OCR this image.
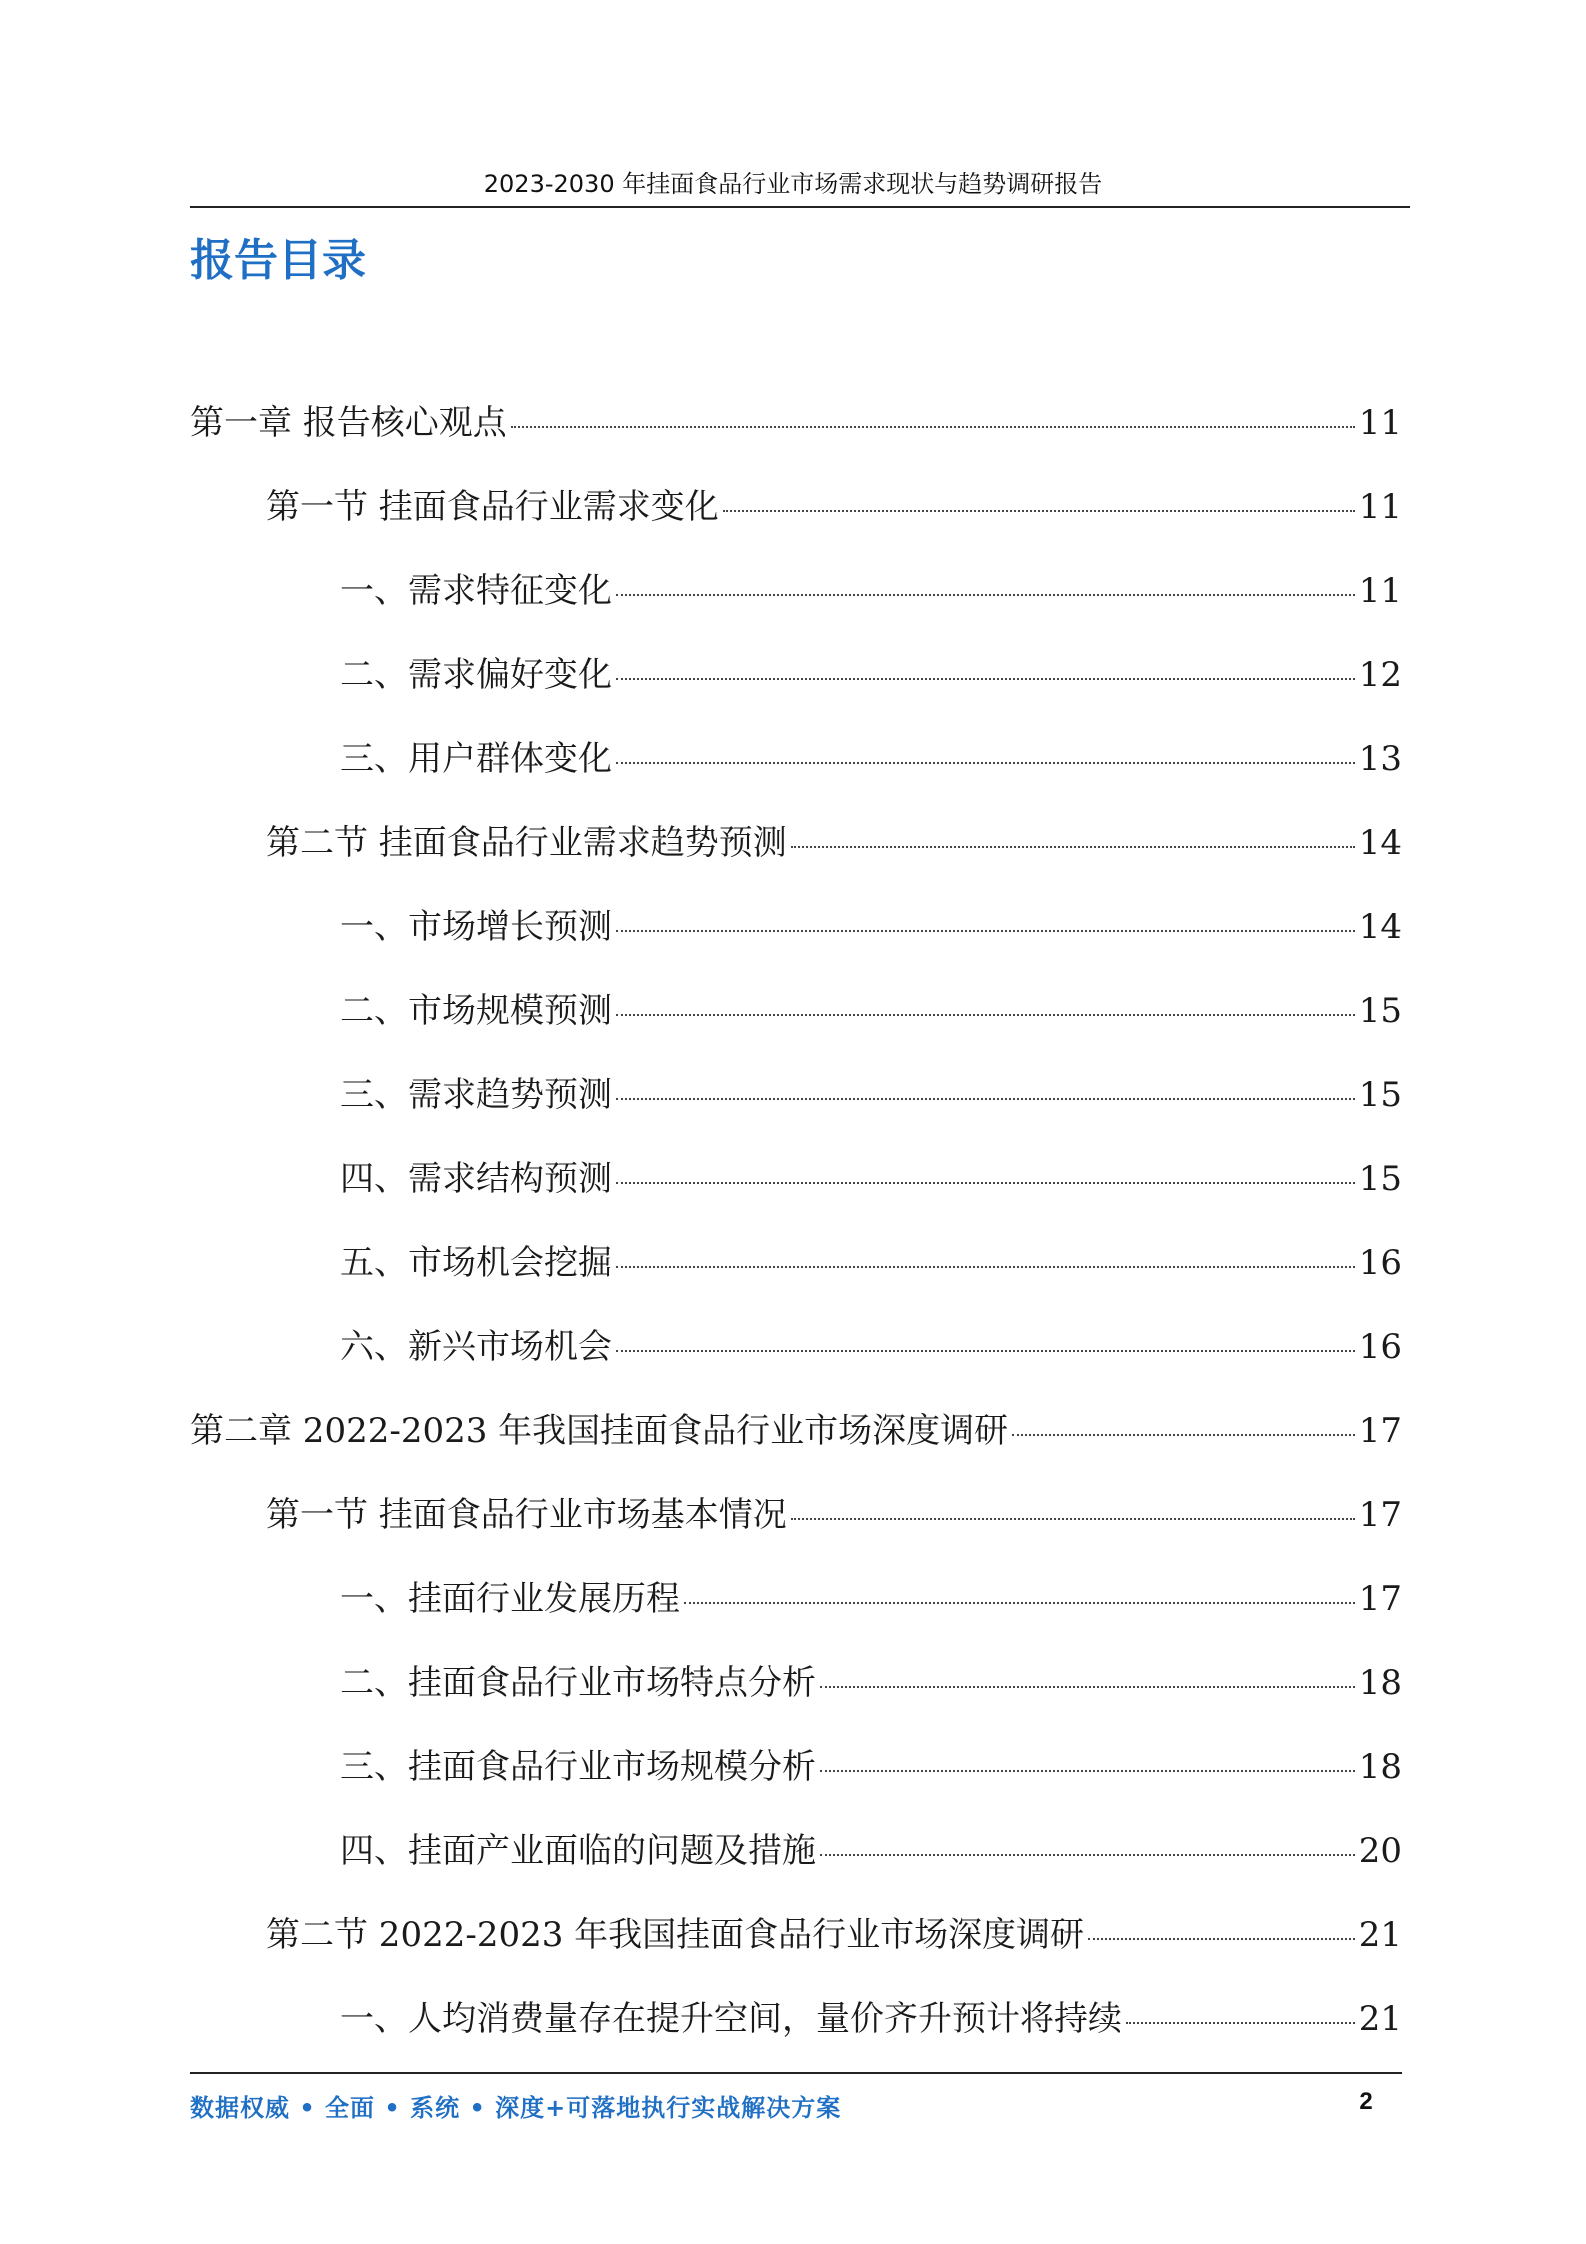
2023-2030 年挂面食品行业市场需求现状与趋势调研报告
报告目录
第一章 报告核心观点	11
第一节 挂面食品行业需求变化	11
一、需求特征变化	11
二、需求偏好变化	12
三、用户群体变化	13
第二节 挂面食品行业需求趋势预测	14
一、市场增长预测	14
二、市场规模预测	15
三、需求趋势预测	15
四、需求结构预测	15
五、市场机会挖掘	16
六、新兴市场机会	16
第二章 2022-2023 年我国挂面食品行业市场深度调研	17
第一节 挂面食品行业市场基本情况	17
一、挂面行业发展历程	17
二、挂面食品行业市场特点分析	18
三、挂面食品行业市场规模分析	18
四、挂面产业面临的问题及措施	20
第二节 2022-2023 年我国挂面食品行业市场深度调研	21
一、人均消费量存在提升空间，量价齐升预计将持续	21
数据权威 • 全面 • 系统 • 深度+可落地执行实战解决方案	2
